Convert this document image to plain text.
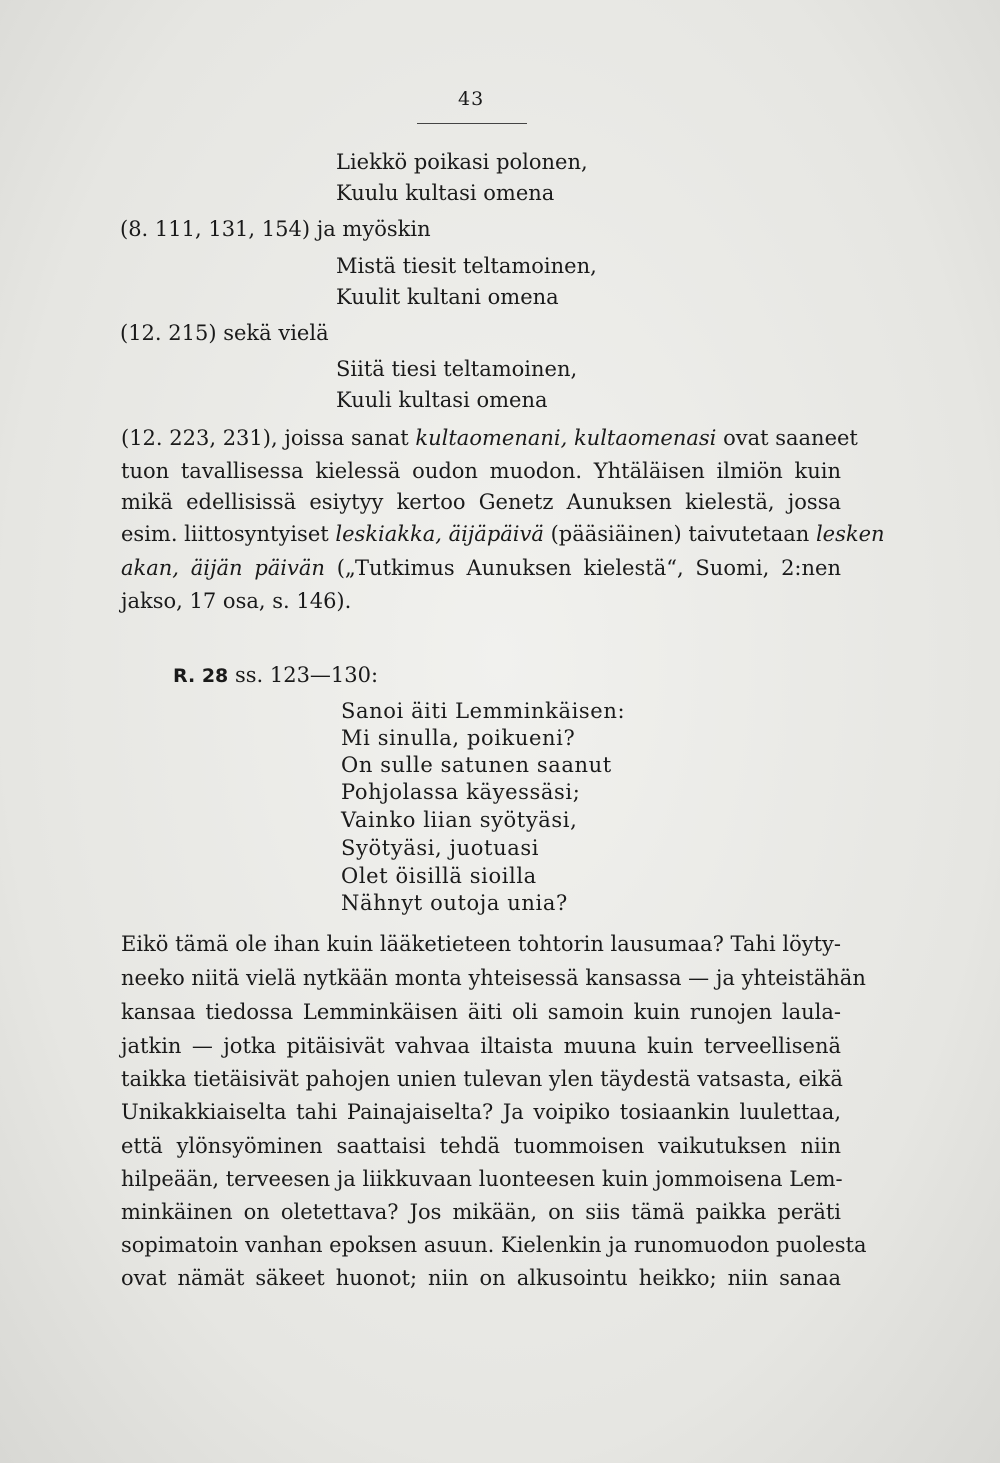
43
Liekkö poikasi polonen,
Kuulu kultasi omena
(8. 111, 131, 154) ja myöskin
Mistä tiesit teltamoinen,
Kuulit kultani omena
(12. 215) sekä vielä
Siitä tiesi teltamoinen,
Kuuli kultasi omena
(12. 223, 231), joissa sanat kultaomenani, kultaomenasi ovat saaneet
tuon tavallisessa kielessä oudon muodon. Yhtäläisen ilmiön kuin
mikä edellisissä esiytyy kertoo Genetz Aunuksen kielestä, jossa
esim. liittosyntyiset leskiakka, äijäpäivä (pääsiäinen) taivutetaan lesken
akan, äijän päivän („Tutkimus Aunuksen kielestä“, Suomi, 2:nen
jakso, 17 osa, s. 146).
R. 28 ss. 123—130:
Sanoi äiti Lemminkäisen:
Mi sinulla, poikueni?
On sulle satunen saanut
Pohjolassa käyessäsi;
Vainko liian syötyäsi,
Syötyäsi, juotuasi
Olet öisillä sioilla
Nähnyt outoja unia?
Eikö tämä ole ihan kuin lääketieteen tohtorin lausumaa? Tahi löyty-
neeko niitä vielä nytkään monta yhteisessä kansassa — ja yhteistähän
kansaa tiedossa Lemminkäisen äiti oli samoin kuin runojen laula-
jatkin — jotka pitäisivät vahvaa iltaista muuna kuin terveellisenä
taikka tietäisivät pahojen unien tulevan ylen täydestä vatsasta, eikä
Unikakkiaiselta tahi Painajaiselta? Ja voipiko tosiaankin luulettaa,
että ylönsyöminen saattaisi tehdä tuommoisen vaikutuksen niin
hilpeään, terveesen ja liikkuvaan luonteesen kuin jommoisena Lem-
minkäinen on oletettava? Jos mikään, on siis tämä paikka peräti
sopimatoin vanhan epoksen asuun. Kielenkin ja runomuodon puolesta
ovat nämät säkeet huonot; niin on alkusointu heikko; niin sanaa
